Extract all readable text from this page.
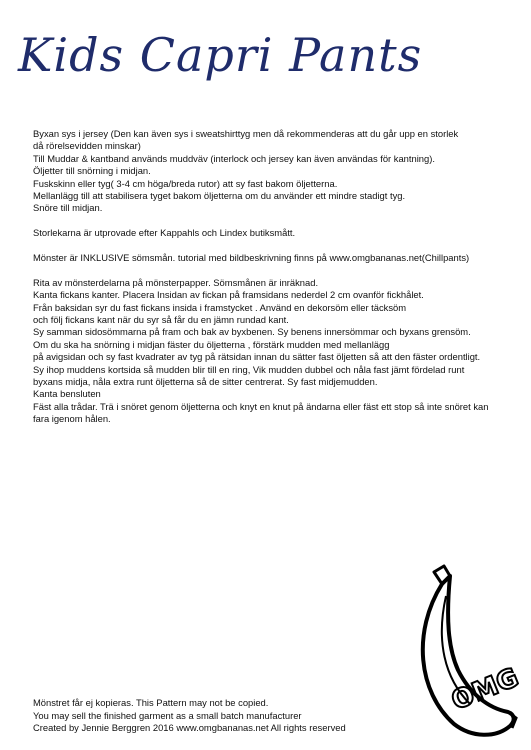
Kids Capri Pants

Byxan sys i jersey (Den kan även sys i sweatshirttyg men då rekommenderas att du går upp en storlek

då rörelsevidden minskar)

Till Muddar & kantband används muddväv (interlock och jersey kan även användas för kantning).

Öljetter till snörning i midjan.

Fuskskinn eller tyg( 3-4 cm höga/breda rutor) att sy fast bakom öljetterna.

Mellanlägg till att stabilisera tyget bakom öljetterna om du använder ett mindre stadigt tyg.

Snöre till midjan.

Storlekarna är utprovade efter Kappahls och Lindex butiksmått.

Mönster är INKLUSIVE sömsmån. tutorial med bildbeskrivning finns på www.omgbananas.net(Chillpants)

Rita av mönsterdelarna på mönsterpapper. Sömsmånen är inräknad.

Kanta fickans kanter. Placera Insidan av fickan på framsidans nederdel 2 cm ovanför fickhålet.

Från baksidan syr du fast fickans insida i framstycket . Använd en dekorsöm eller täcksöm

och följ fickans kant när du syr så får du en jämn rundad kant.

Sy samman sidosömmarna på fram och bak av byxbenen. Sy benens innersömmar och byxans grensöm.

Om du ska ha snörning i midjan fäster du öljetterna , förstärk mudden med mellanlägg

på avigsidan och sy fast kvadrater av tyg på rätsidan innan du sätter fast öljetten så att den fäster ordentligt.

Sy ihop muddens kortsida så mudden blir till en ring, Vik mudden dubbel och nåla fast jämt fördelad runt

byxans midja, nåla extra runt öljetterna så de sitter centrerat. Sy fast midjemudden.

Kanta bensluten

Fäst alla trådar. Trä i snöret genom öljetterna och knyt en knut på ändarna eller fäst ett stop så inte snöret kan

fara igenom hålen.

Mönstret får ej kopieras. This Pattern may not be copied.

You may sell the finished garment as a small batch manufacturer

Created by Jennie Berggren 2016 www.omgbananas.net All rights reserved

OMG
